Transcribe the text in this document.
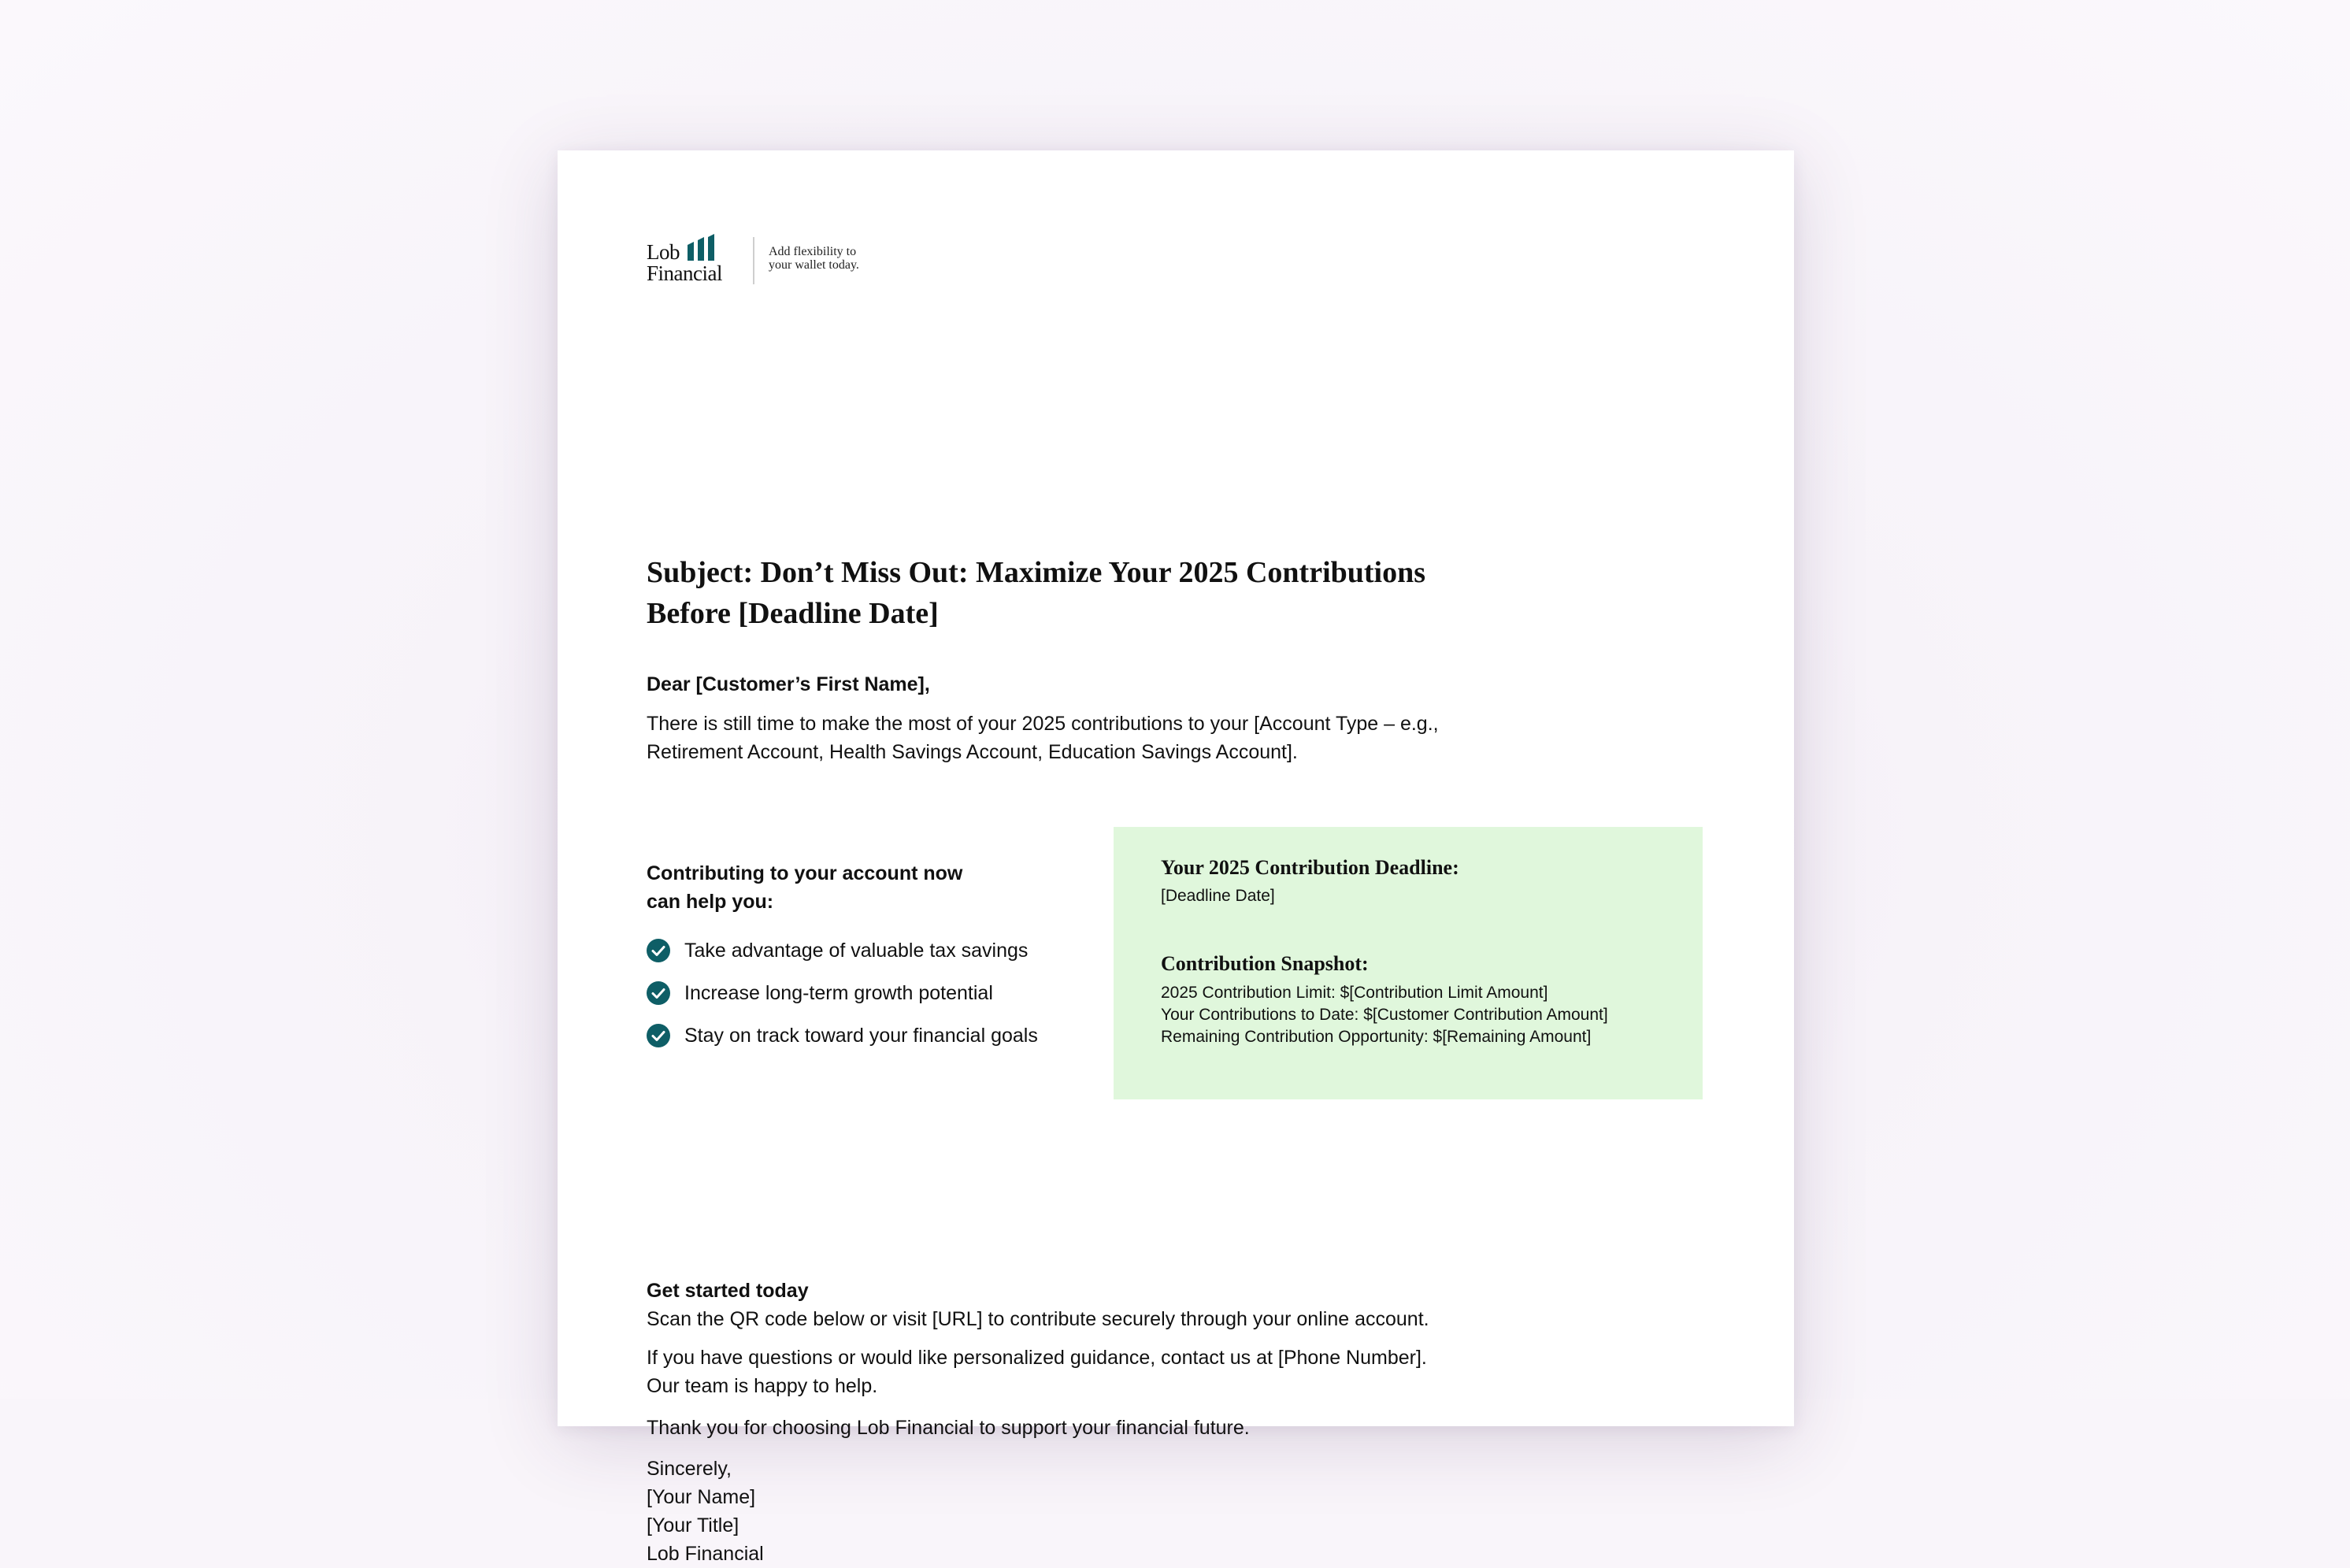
Lob
Financial
Add flexibility to
your wallet today.
Subject: Don’t Miss Out: Maximize Your 2025 Contributions Before [Deadline Date]
Dear [Customer’s First Name],
There is still time to make the most of your 2025 contributions to your [Account Type – e.g., Retirement Account, Health Savings Account, Education Savings Account].
Contributing to your account now
can help you:
Take advantage of valuable tax savings
Increase long-term growth potential
Stay on track toward your financial goals
Your 2025 Contribution Deadline:
[Deadline Date]
Contribution Snapshot:
2025 Contribution Limit: $[Contribution Limit Amount]
Your Contributions to Date: $[Customer Contribution Amount]
Remaining Contribution Opportunity: $[Remaining Amount]
Get started today
Scan the QR code below or visit [URL] to contribute securely through your online account.
If you have questions or would like personalized guidance, contact us at [Phone Number].
Our team is happy to help.
Thank you for choosing Lob Financial to support your financial future.
Sincerely,
[Your Name]
[Your Title]
Lob Financial
